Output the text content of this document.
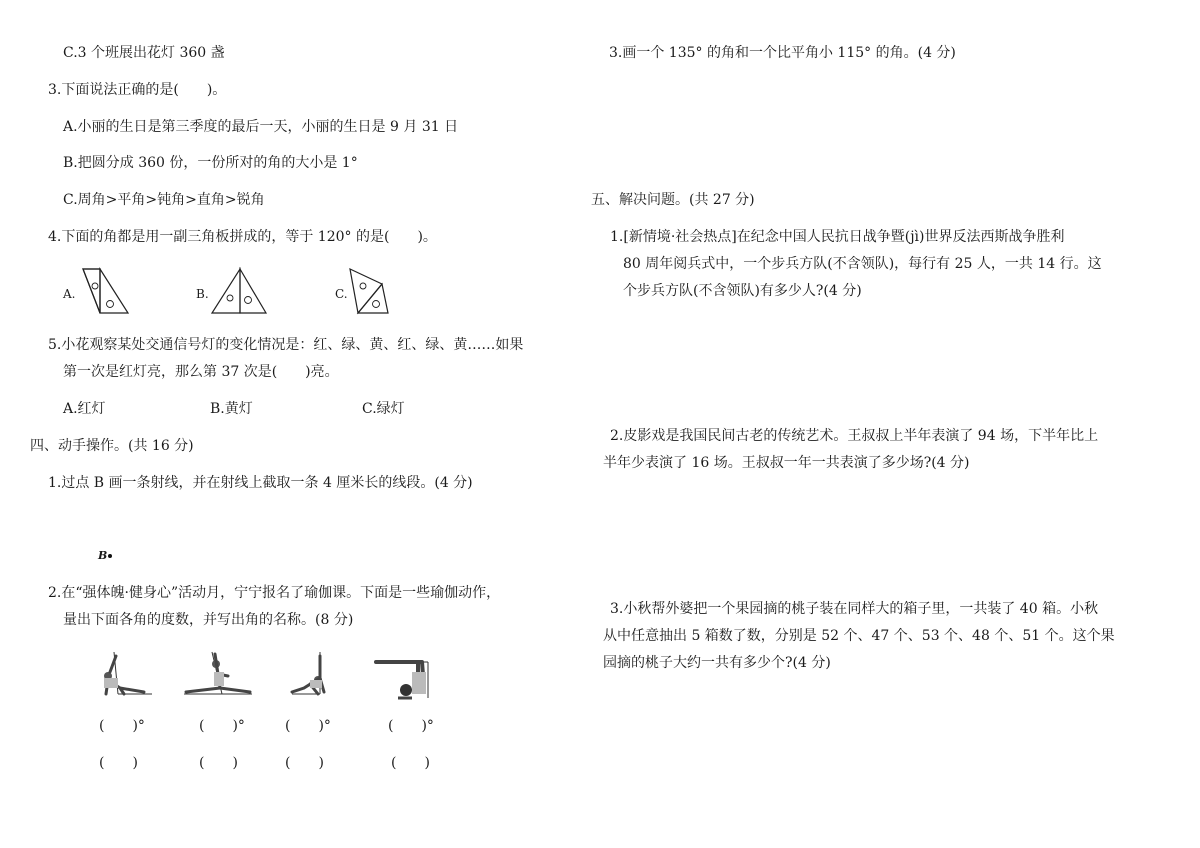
C.3 个班展出花灯 360 盏
3.下面说法正确的是(　　)。
A.小丽的生日是第三季度的最后一天，小丽的生日是 9 月 31 日
B.把圆分成 360 份，一份所对的角的大小是 1°
C.周角>平角>钝角>直角>锐角
4.下面的角都是用一副三角板拼成的，等于 120° 的是(　　)。
A.	B.	C.
5.小花观察某处交通信号灯的变化情况是：红、绿、黄、红、绿、黄……如果
第一次是红灯亮，那么第 37 次是(　　)亮。
A.红灯	B.黄灯	C.绿灯
四、动手操作。(共 16 分)
1.过点 B 画一条射线，并在射线上截取一条 4 厘米长的线段。(4 分)
B
2.在“强体魄·健身心”活动月，宁宁报名了瑜伽课。下面是一些瑜伽动作，
量出下面各角的度数，并写出角的名称。(8 分)
(　　)°	(　　)°	(　　)°	(　　)°
(　　)	(　　)	(　　)	(　　)
3.画一个 135° 的角和一个比平角小 115° 的角。(4 分)
五、解决问题。(共 27 分)
1.[新情境·社会热点]在纪念中国人民抗日战争暨(jì)世界反法西斯战争胜利
80 周年阅兵式中，一个步兵方队(不含领队)，每行有 25 人，一共 14 行。这
个步兵方队(不含领队)有多少人?(4 分)
2.皮影戏是我国民间古老的传统艺术。王叔叔上半年表演了 94 场，下半年比上
半年少表演了 16 场。王叔叔一年一共表演了多少场?(4 分)
3.小秋帮外婆把一个果园摘的桃子装在同样大的箱子里，一共装了 40 箱。小秋
从中任意抽出 5 箱数了数，分别是 52 个、47 个、53 个、48 个、51 个。这个果
园摘的桃子大约一共有多少个?(4 分)
